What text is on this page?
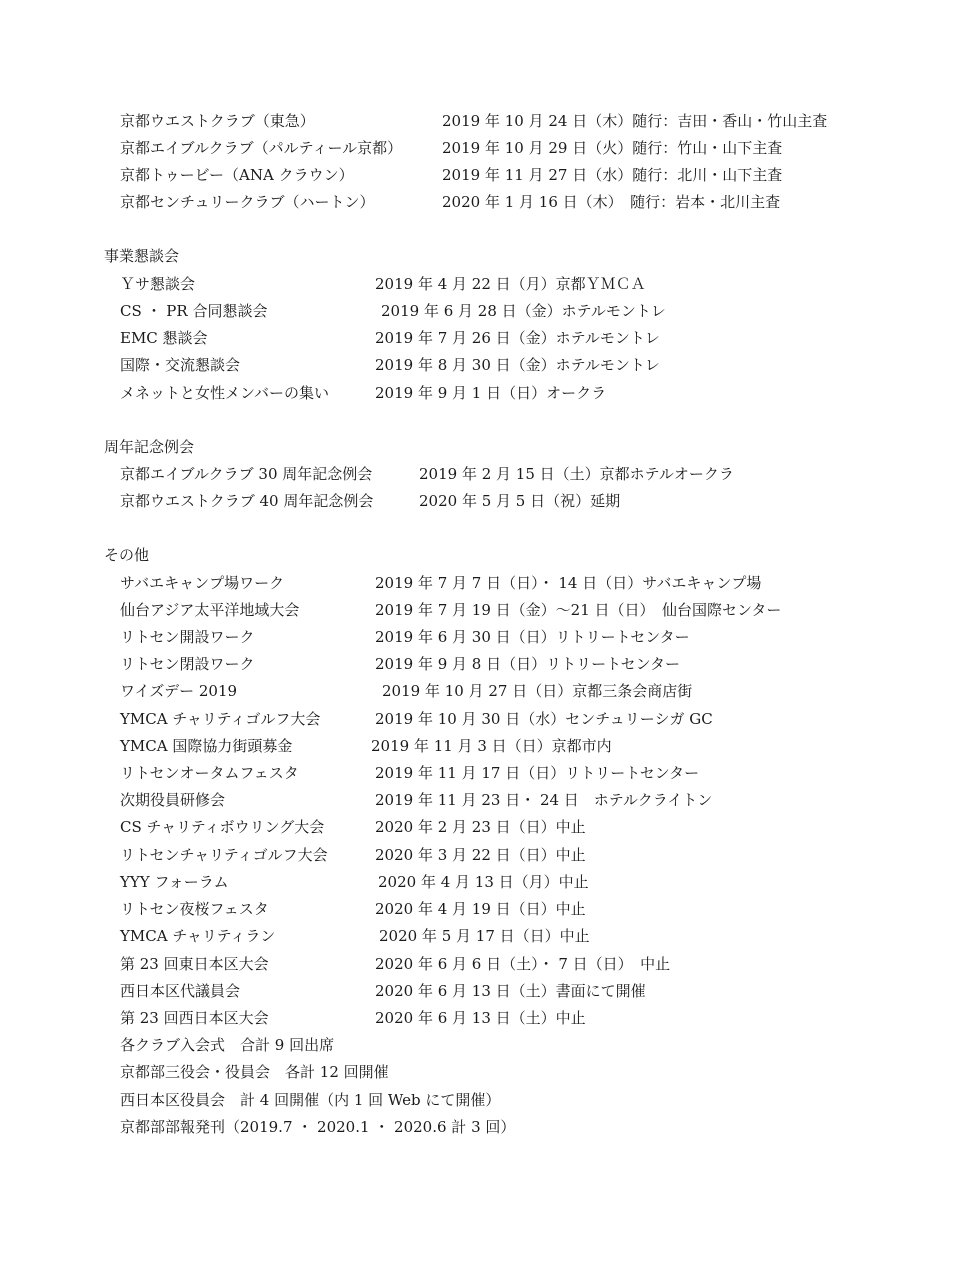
京都ウエストクラブ（東急）	2019 年 10 月 24 日（木）随行：吉田・香山・竹山主査
京都エイブルクラブ（パルティール京都）	2019 年 10 月 29 日（火）随行：竹山・山下主査
京都トゥービー（ANA クラウン）	2019 年 11 月 27 日（水）随行：北川・山下主査
京都センチュリークラブ（ハートン）	2020 年 1 月 16 日（木）　随行：岩本・北川主査
事業懇談会
Ｙサ懇談会	2019 年 4 月 22 日（月）京都ＹＭＣＡ
CS ・ PR 合同懇談会	2019 年 6 月 28 日（金）ホテルモントレ
EMC 懇談会	2019 年 7 月 26 日（金）ホテルモントレ
国際・交流懇談会	2019 年 8 月 30 日（金）ホテルモントレ
メネットと女性メンバーの集い	2019 年 9 月 1 日（日）オークラ
周年記念例会
京都エイブルクラブ 30 周年記念例会	2019 年 2 月 15 日（土）京都ホテルオークラ
京都ウエストクラブ 40 周年記念例会	2020 年 5 月 5 日（祝）延期
その他
サバエキャンプ場ワーク	2019 年 7 月 7 日（日）・ 14 日（日）サバエキャンプ場
仙台アジア太平洋地域大会	2019 年 7 月 19 日（金）～21 日（日）　仙台国際センター
リトセン開設ワーク	2019 年 6 月 30 日（日）リトリートセンター
リトセン閉設ワーク	2019 年 9 月 8 日（日）リトリートセンター
ワイズデー 2019	2019 年 10 月 27 日（日）京都三条会商店街
YMCA チャリティゴルフ大会	2019 年 10 月 30 日（水）センチュリーシガ GC
YMCA 国際協力街頭募金	2019 年 11 月 3 日（日）京都市内
リトセンオータムフェスタ	2019 年 11 月 17 日（日）リトリートセンター
次期役員研修会	2019 年 11 月 23 日・ 24 日　ホテルクライトン
CS チャリティボウリング大会	2020 年 2 月 23 日（日）中止
リトセンチャリティゴルフ大会	2020 年 3 月 22 日（日）中止
YYY フォーラム	2020 年 4 月 13 日（月）中止
リトセン夜桜フェスタ	2020 年 4 月 19 日（日）中止
YMCA チャリティラン	2020 年 5 月 17 日（日）中止
第 23 回東日本区大会	2020 年 6 月 6 日（土）・ 7 日（日）　中止
西日本区代議員会	2020 年 6 月 13 日（土）書面にて開催
第 23 回西日本区大会	2020 年 6 月 13 日（土）中止
各クラブ入会式　合計 9 回出席
京都部三役会・役員会　各計 12 回開催
西日本区役員会　計 4 回開催（内 1 回 Web にて開催）
京都部部報発刊（2019.7 ・ 2020.1 ・ 2020.6 計 3 回）
